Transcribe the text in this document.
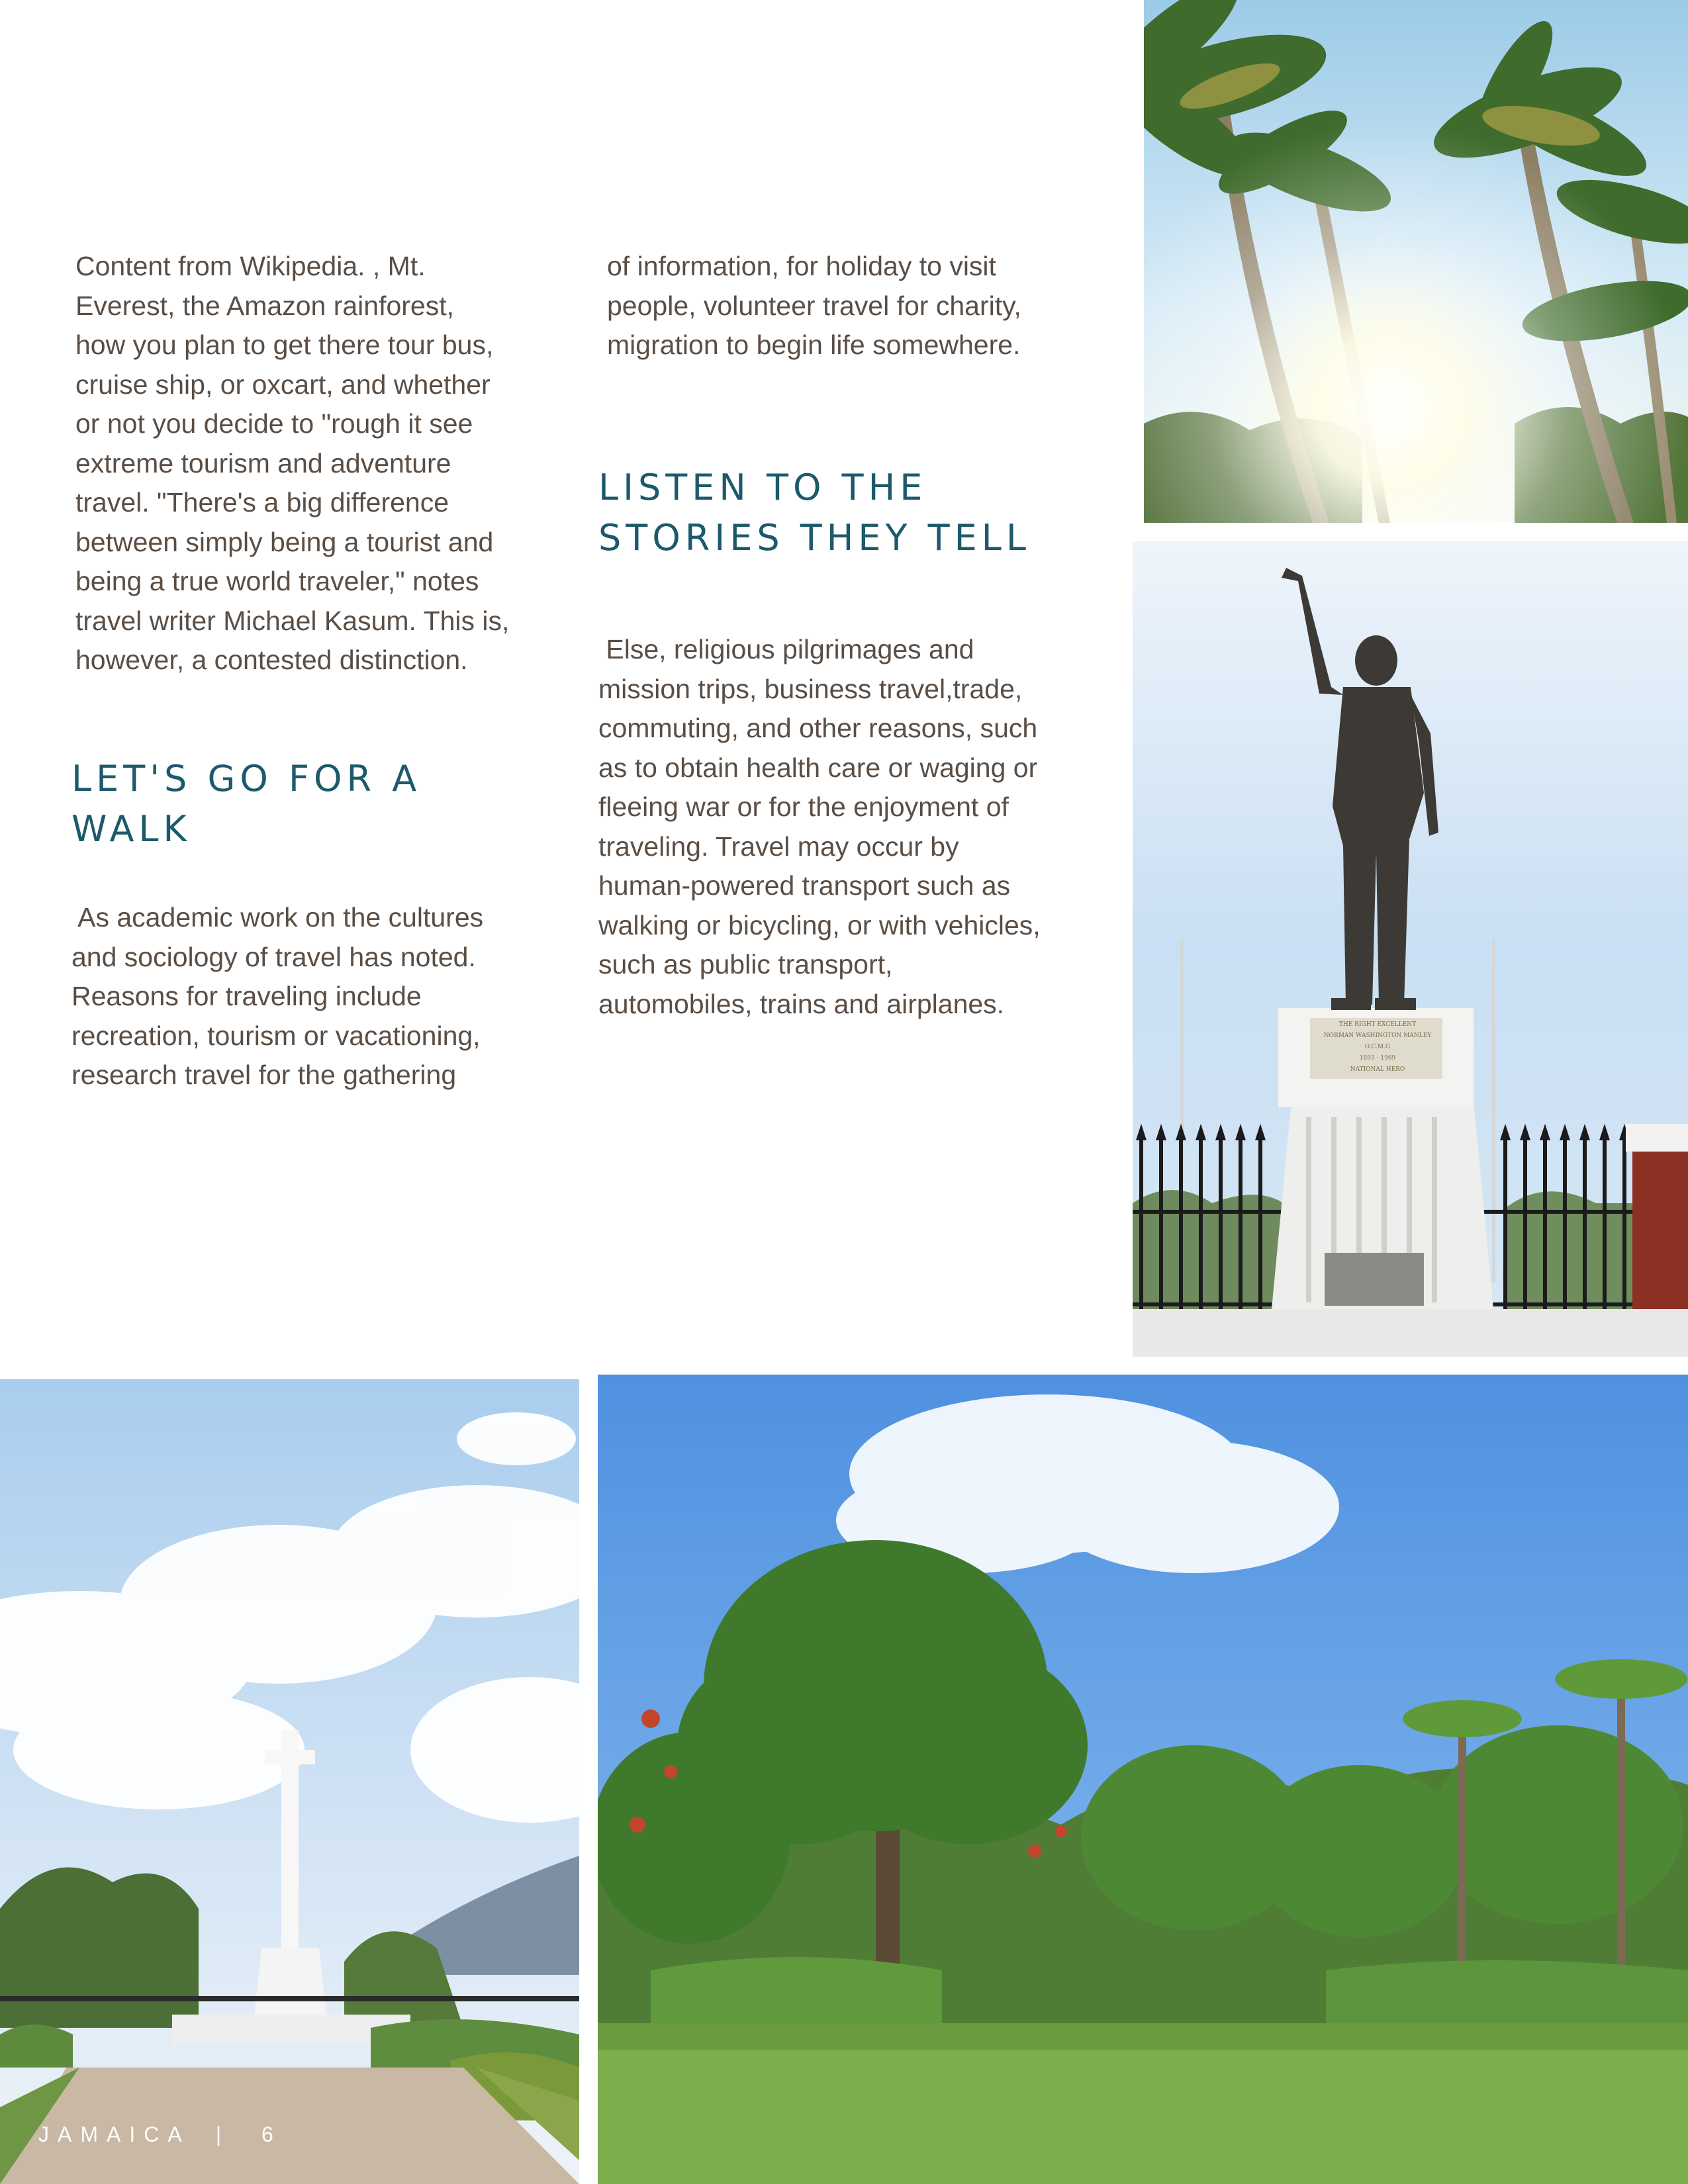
Content from Wikipedia. , Mt.

Everest, the Amazon rainforest,

how you plan to get there tour bus,

cruise ship, or oxcart, and whether

or not you decide to "rough it see

extreme tourism and adventure

travel. "There's a big difference

between simply being a tourist and

being a true world traveler," notes

travel writer Michael Kasum. This is,

however, a contested distinction.

LET'S GO FOR A
WALK

As academic work on the cultures

and sociology of travel has noted.

Reasons for traveling include

recreation, tourism or vacationing,

research travel for the gathering

of information, for holiday to visit

people, volunteer travel for charity,

migration to begin life somewhere.

LISTEN TO THE
STORIES THEY TELL

Else, religious pilgrimages and

mission trips, business travel,trade,

commuting, and other reasons, such

as to obtain health care or waging or

fleeing war or for the enjoyment of

traveling. Travel may occur by

human-powered transport such as

walking or bicycling, or with vehicles,

such as public transport,

automobiles, trains and airplanes.

THE RIGHT EXCELLENT
NORMAN WASHINGTON MANLEY
O.C.M.G
1893 - 1969
NATIONAL HERO
JAMAICA | 6
